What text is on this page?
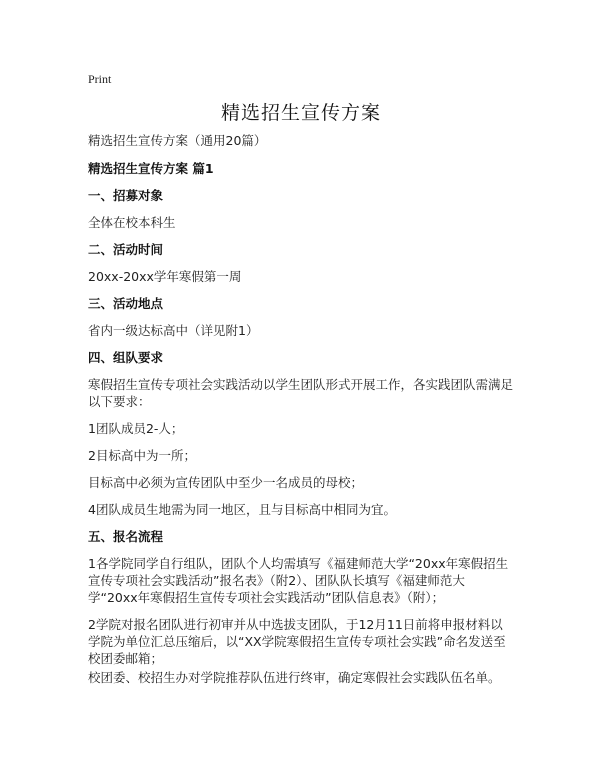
Print
精选招生宣传方案
精选招生宣传方案（通用20篇）
精选招生宣传方案 篇1
一、招募对象
全体在校本科生
二、活动时间
20xx-20xx学年寒假第一周
三、活动地点
省内一级达标高中（详见附1）
四、组队要求
寒假招生宣传专项社会实践活动以学生团队形式开展工作，各实践团队需满足以下要求：
1团队成员2-人；
2目标高中为一所；
目标高中必须为宣传团队中至少一名成员的母校；
4团队成员生地需为同一地区，且与目标高中相同为宜。
五、报名流程
1各学院同学自行组队，团队个人均需填写《福建师范大学“20xx年寒假招生宣传专项社会实践活动”报名表》（附2）、团队队长填写《福建师范大学“20xx年寒假招生宣传专项社会实践活动”团队信息表》（附）；
2学院对报名团队进行初审并从中选拔支团队，于12月11日前将申报材料以学院为单位汇总压缩后，以“XX学院寒假招生宣传专项社会实践”命名发送至校团委邮箱；
校团委、校招生办对学院推荐队伍进行终审，确定寒假社会实践队伍名单。
